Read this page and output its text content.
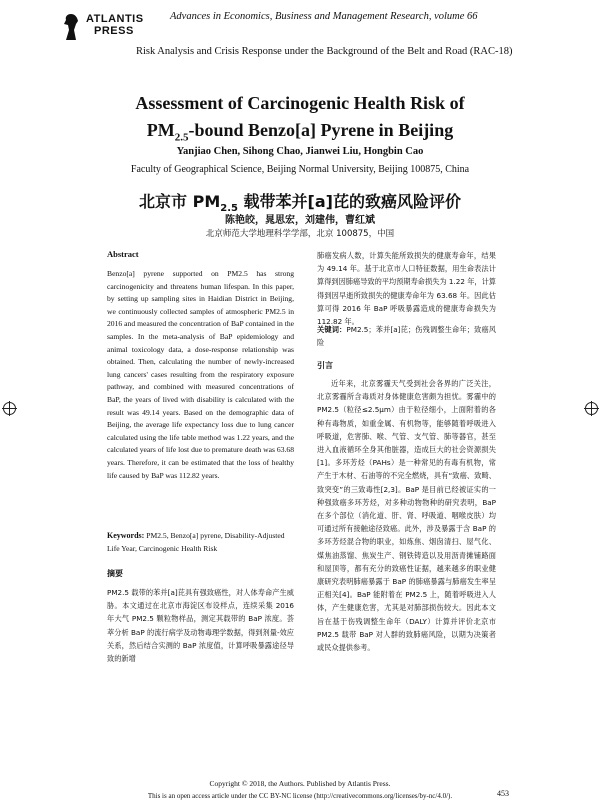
ATLANTIS
PRESS
Advances in Economics, Business and Management Research, volume 66
Risk Analysis and Crisis Response under the Background of the Belt and Road (RAC-18)
Assessment of Carcinogenic Health Risk of
$PM_{2.5}$-bound Benzo[a] Pyrene in Beijing
Yanjiao Chen, Sihong Chao, Jianwei Liu, Hongbin Cao
Faculty of Geographical Science, Beijing Normal University, Beijing 100875, China
北京市 $PM_{2.5}$ 载带苯并[a]芘的致癌风险评价
陈艳皎，晁思宏，刘建伟，曹红斌
北京师范大学地理科学学部，北京 100875，中国
Abstract
Benzo[a] pyrene supported on PM2.5 has strong carcinogenicity and threatens human lifespan. In this paper, by setting up sampling sites in Haidian District in Beijing, we continuously collected samples of atmospheric PM2.5 in 2016 and measured the concentration of BaP contained in the samples. In the meta-analysis of BaP epidemiology and animal toxicology data, a dose-response relationship was obtained. Then, calculating the number of newly-increased lung cancers' cases resulting from the respiratory exposure pathway, and combined with measured concentrations of BaP, the years of lived with disability is calculated with the result was 49.14 years. Based on the demographic data of Beijing, the average life expectancy loss due to lung cancer calculated using the life table method was 1.22 years, and the calculated years of life lost due to premature death was 63.68 years. Therefore, it can be estimated that the loss of healthy life caused by BaP was 112.82 years.
Keywords: PM2.5, Benzo[a] pyrene, Disability-Adjusted Life Year, Carcinogenic Health Risk
摘要
PM2.5 载带的苯并[a]芘具有强致癌性，对人体寿命产生威胁。本文通过在北京市海淀区布设样点，连续采集 2016 年大气 PM2.5 颗粒物样品，测定其载带的 BaP 浓度。荟萃分析 BaP 的流行病学及动物毒理学数据，得到剂量-效应关系，然后结合实测的 BaP 浓度值，计算呼吸暴露途径导致的新增
肺癌发病人数，计算失能所致损失的健康寿命年，结果为 49.14 年。基于北京市人口特征数据，用生命表法计算得到因肺癌导致的平均预期寿命损失为 1.22 年，计算得到因早逝所致损失的健康寿命年为 63.68 年。因此估算可得 2016 年 BaP 呼吸暴露造成的健康寿命损失为 112.82 年。
关键词：PM2.5；苯并[a]芘；伤残调整生命年；致癌风险
引言
近年来，北京雾霾天气受到社会各界的广泛关注，北京雾霾所含毒质对身体健康危害颇为担忧。雾霾中的 PM2.5（粒径≤2.5μm）由于粒径细小，上面附着的各种有毒物质，如重金属、有机物等，能够随着呼吸进入呼吸道，危害肺、喉、气管、支气管、肺等器官，甚至进入血液循环全身其他脏器，造成巨大的社会资源损失[1]。多环芳烃（PAHs）是一种常见的有毒有机物，常产生于木材、石油等的不完全燃烧，具有“致癌、致畸、致突变”的三致毒性[2,3]。BaP 是目前已经被证实的一种强致癌多环芳烃，对多种动物物种的研究表明，BaP 在多个部位（消化道、肝、肾、呼吸道、咽喉皮肤）均可通过所有接触途径致癌。此外，涉及暴露于含 BaP 的多环芳烃混合物的职业，如炼焦、烟囱清扫、屋气化、煤焦油蒸馏、焦炭生产、钢铁铸造以及用沥青摊铺路面和屋顶等，都有充分的致癌性证据，越来越多的职业健康研究表明肺癌暴露于 BaP 的肺癌暴露与肺癌发生率呈正相关[4]。BaP 能附着在 PM2.5 上，随着呼吸进入人体，产生健康危害，尤其是对肺部损伤较大。因此本文旨在基于伤残调整生命年（DALY）计算并评价北京市 PM2.5 载带 BaP 对人群的致肺癌风险，以期为决策者或民众提供参考。
Copyright © 2018, the Authors. Published by Atlantis Press.
This is an open access article under the CC BY-NC license (http://creativecommons.org/licenses/by-nc/4.0/).	453
